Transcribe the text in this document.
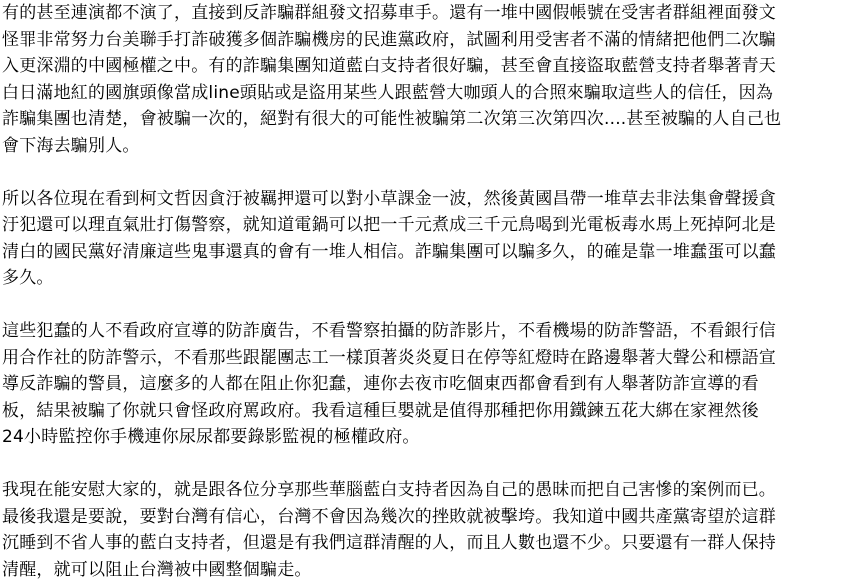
有的甚至連演都不演了，直接到反詐騙群組發文招募車手。還有一堆中國假帳號在受害者群組裡面發文
怪罪非常努力台美聯手打詐破獲多個詐騙機房的民進黨政府，試圖利用受害者不滿的情緒把他們二次騙
入更深淵的中國極權之中。有的詐騙集團知道藍白支持者很好騙，甚至會直接盜取藍營支持者舉著青天
白日滿地紅的國旗頭像當成line頭貼或是盜用某些人跟藍營大咖頭人的合照來騙取這些人的信任，因為
詐騙集團也清楚，會被騙一次的，絕對有很大的可能性被騙第二次第三次第四次....甚至被騙的人自己也
會下海去騙別人。
所以各位現在看到柯文哲因貪汙被羈押還可以對小草課金一波，然後黃國昌帶一堆草去非法集會聲援貪
汙犯還可以理直氣壯打傷警察，就知道電鍋可以把一千元煮成三千元鳥喝到光電板毒水馬上死掉阿北是
清白的國民黨好清廉這些鬼事還真的會有一堆人相信。詐騙集團可以騙多久，的確是靠一堆蠢蛋可以蠢
多久。
這些犯蠢的人不看政府宣導的防詐廣告，不看警察拍攝的防詐影片，不看機場的防詐警語，不看銀行信
用合作社的防詐警示，不看那些跟罷團志工一樣頂著炎炎夏日在停等紅燈時在路邊舉著大聲公和標語宣
導反詐騙的警員，這麼多的人都在阻止你犯蠢，連你去夜市吃個東西都會看到有人舉著防詐宣導的看
板，結果被騙了你就只會怪政府罵政府。我看這種巨嬰就是值得那種把你用鐵鍊五花大綁在家裡然後
24小時監控你手機連你尿尿都要錄影監視的極權政府。
我現在能安慰大家的，就是跟各位分享那些華腦藍白支持者因為自己的愚昧而把自己害慘的案例而已。
最後我還是要說，要對台灣有信心，台灣不會因為幾次的挫敗就被擊垮。我知道中國共產黨寄望於這群
沉睡到不省人事的藍白支持者，但還是有我們這群清醒的人，而且人數也還不少。只要還有一群人保持
清醒，就可以阻止台灣被中國整個騙走。
